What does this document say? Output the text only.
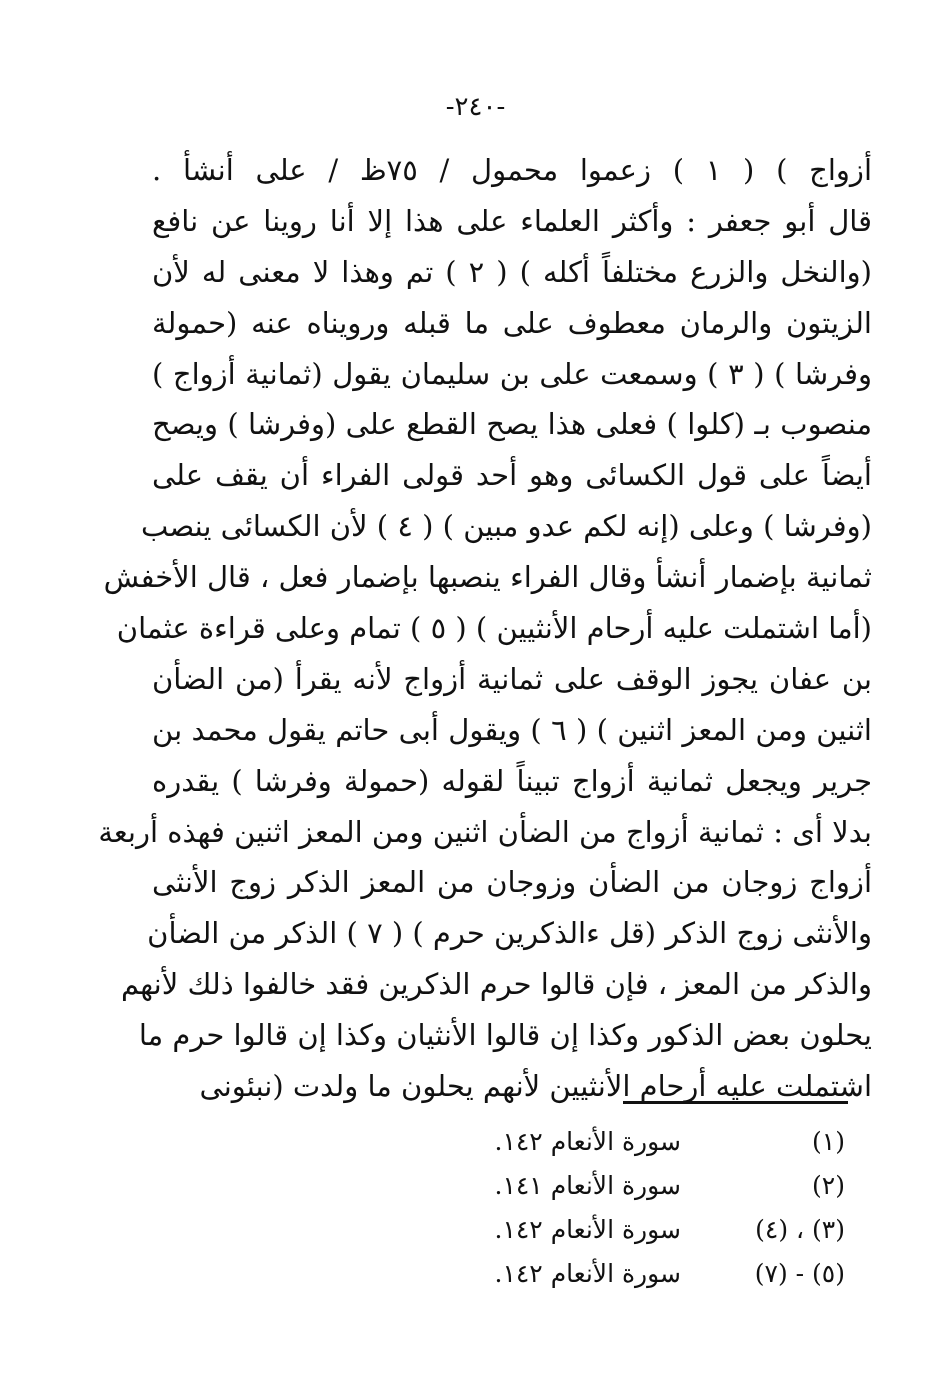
-٢٤٠-
أزواج ) ( ١ ) زعموا محمول / ٧٥ظ / على أنشأ .
قال أبو جعفر : وأكثر العلماء على هذا إلا أنا روينا عن نافع
(والنخل والزرع مختلفاً أكله ) ( ٢ ) تم وهذا لا معنى له لأن
الزيتون والرمان معطوف على ما قبله ورويناه عنه (حمولة
وفرشا ) ( ٣ ) وسمعت على بن سليمان يقول (ثمانية أزواج )
منصوب بـ (كلوا ) فعلى هذا يصح القطع على (وفرشا ) ويصح
أيضاً على قول الكسائى وهو أحد قولى الفراء أن يقف على
(وفرشا ) وعلى (إنه لكم عدو مبين ) ( ٤ ) لأن الكسائى ينصب
ثمانية بإضمار أنشأ وقال الفراء ينصبها بإضمار فعل ، قال الأخفش
(أما اشتملت عليه أرحام الأنثيين ) ( ٥ ) تمام وعلى قراءة عثمان
بن عفان يجوز الوقف على ثمانية أزواج لأنه يقرأ (من الضأن
اثنين ومن المعز اثنين ) ( ٦ ) ويقول أبى حاتم يقول محمد بن
جرير ويجعل ثمانية أزواج تبيناً لقوله (حمولة وفرشا ) يقدره
بدلا أى : ثمانية أزواج من الضأن اثنين ومن المعز اثنين فهذه أربعة
أزواج زوجان من الضأن وزوجان من المعز الذكر زوج الأنثى
والأنثى زوج الذكر (قل ءالذكرين حرم ) ( ٧ ) الذكر من الضأن
والذكر من المعز ، فإن قالوا حرم الذكرين فقد خالفوا ذلك لأنهم
يحلون بعض الذكور وكذا إن قالوا الأنثيان وكذا إن قالوا حرم ما
اشتملت عليه أرحام الأنثيين لأنهم يحلون ما ولدت (نبئونى
(١)
سورة الأنعام ١٤٢.
(٢)
سورة الأنعام ١٤١.
(٣) ، (٤)
سورة الأنعام ١٤٢.
(٥) - (٧)
سورة الأنعام ١٤٢.
